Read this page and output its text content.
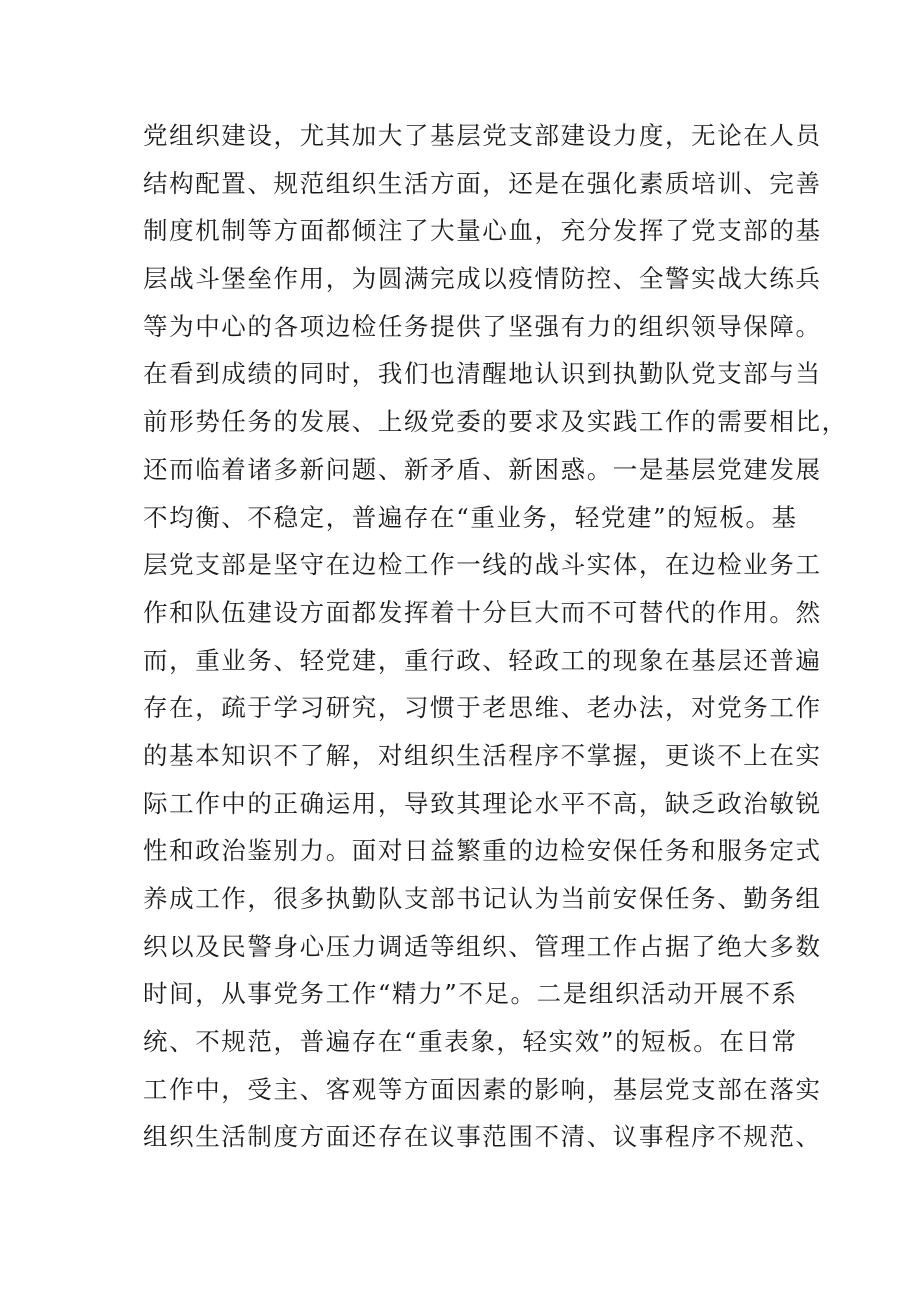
党组织建设，尤其加大了基层党支部建设力度，无论在人员
结构配置、规范组织生活方面，还是在强化素质培训、完善
制度机制等方面都倾注了大量心血，充分发挥了党支部的基
层战斗堡垒作用，为圆满完成以疫情防控、全警实战大练兵
等为中心的各项边检任务提供了坚强有力的组织领导保障。
在看到成绩的同时，我们也清醒地认识到执勤队党支部与当
前形势任务的发展、上级党委的要求及实践工作的需要相比，
还而临着诸多新问题、新矛盾、新困惑。一是基层党建发展
不均衡、不稳定，普遍存在“重业务，轻党建”的短板。基
层党支部是坚守在边检工作一线的战斗实体，在边检业务工
作和队伍建设方面都发挥着十分巨大而不可替代的作用。然
而，重业务、轻党建，重行政、轻政工的现象在基层还普遍
存在，疏于学习研究，习惯于老思维、老办法，对党务工作
的基本知识不了解，对组织生活程序不掌握，更谈不上在实
际工作中的正确运用，导致其理论水平不高，缺乏政治敏锐
性和政治鉴别力。面对日益繁重的边检安保任务和服务定式
养成工作，很多执勤队支部书记认为当前安保任务、勤务组
织以及民警身心压力调适等组织、管理工作占据了绝大多数
时间，从事党务工作“精力”不足。二是组织活动开展不系
统、不规范，普遍存在“重表象，轻实效”的短板。在日常
工作中，受主、客观等方面因素的影响，基层党支部在落实
组织生活制度方面还存在议事范围不清、议事程序不规范、
